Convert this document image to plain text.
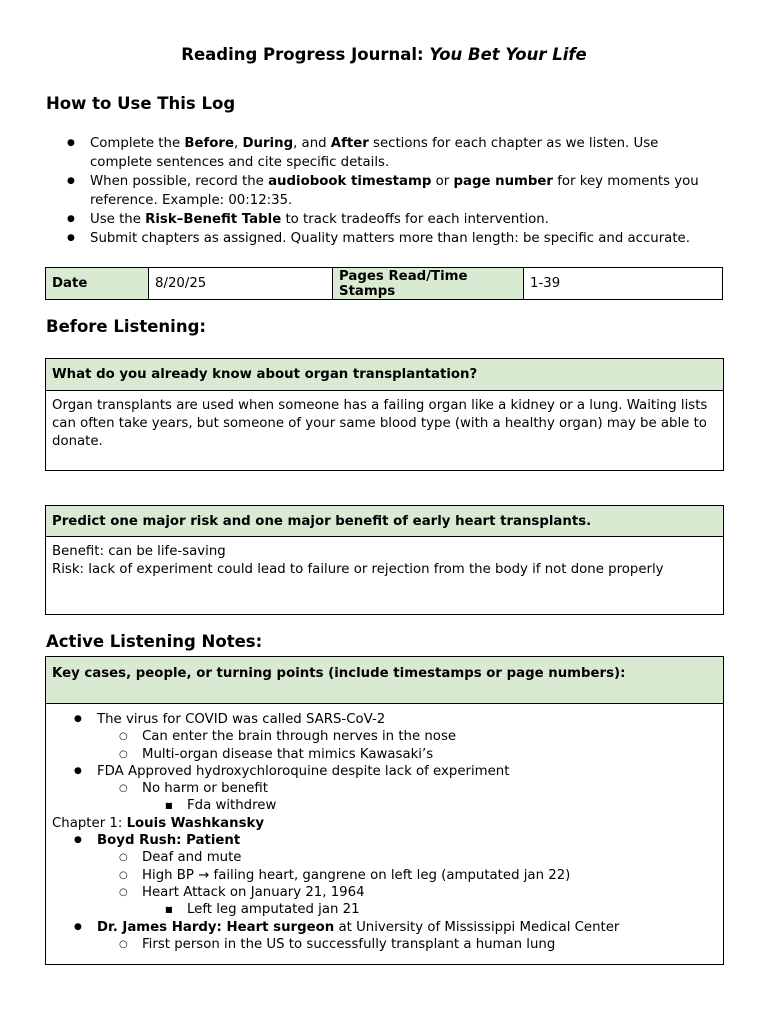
Reading Progress Journal: You Bet Your Life
How to Use This Log
● Complete the Before, During, and After sections for each chapter as we listen. Use complete sentences and cite specific details.
● When possible, record the audiobook timestamp or page number for key moments you reference. Example: 00:12:35.
● Use the Risk–Benefit Table to track tradeoffs for each intervention.
● Submit chapters as assigned. Quality matters more than length: be specific and accurate.
Date	8/20/25	Pages Read/Time Stamps	1-39
Before Listening:
What do you already know about organ transplantation?
Organ transplants are used when someone has a failing organ like a kidney or a lung. Waiting lists can often take years, but someone of your same blood type (with a healthy organ) may be able to donate.
Predict one major risk and one major benefit of early heart transplants.
Benefit: can be life-saving
Risk: lack of experiment could lead to failure or rejection from the body if not done properly
Active Listening Notes:
Key cases, people, or turning points (include timestamps or page numbers):
● The virus for COVID was called SARS-CoV-2
○ Can enter the brain through nerves in the nose
○ Multi-organ disease that mimics Kawasaki’s
● FDA Approved hydroxychloroquine despite lack of experiment
○ No harm or benefit
■ Fda withdrew
Chapter 1: Louis Washkansky
● Boyd Rush: Patient
○ Deaf and mute
○ High BP → failing heart, gangrene on left leg (amputated jan 22)
○ Heart Attack on January 21, 1964
■ Left leg amputated jan 21
● Dr. James Hardy: Heart surgeon at University of Mississippi Medical Center
○ First person in the US to successfully transplant a human lung
